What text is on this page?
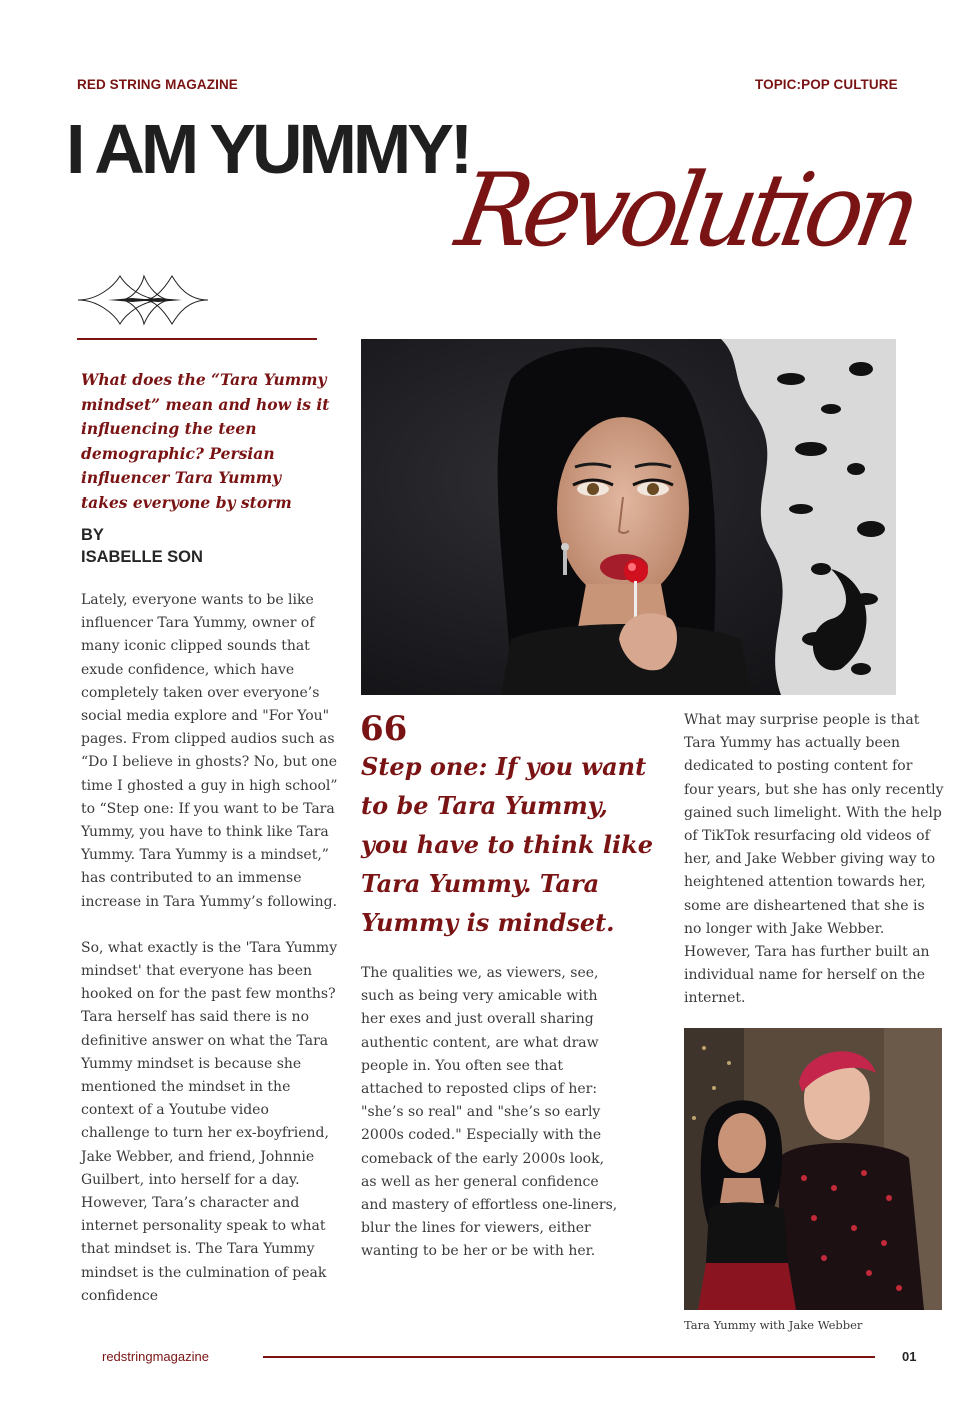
RED STRING MAGAZINE	TOPIC:POP CULTURE
I AM YUMMY!
Revolution
What does the “Tara Yummy mindset” mean and how is it influencing the teen demographic? Persian influencer Tara Yummy takes everyone by storm
BY
ISABELLE SON

Lately, everyone wants to be like influencer Tara Yummy, owner of many iconic clipped sounds that exude confidence, which have completely taken over everyone’s social media explore and "For You" pages. From clipped audios such as “Do I believe in ghosts? No, but one time I ghosted a guy in high school” to “Step one: If you want to be Tara Yummy, you have to think like Tara Yummy. Tara Yummy is a mindset,” has contributed to an immense increase in Tara Yummy’s following.

So, what exactly is the 'Tara Yummy mindset' that everyone has been hooked on for the past few months? Tara herself has said there is no definitive answer on what the Tara Yummy mindset is because she mentioned the mindset in the context of a Youtube video challenge to turn her ex-boyfriend, Jake Webber, and friend, Johnnie Guilbert, into herself for a day. However, Tara’s character and internet personality speak to what that mindset is. The Tara Yummy mindset is the culmination of peak confidence

66
Step one: If you want to be Tara Yummy, you have to think like Tara Yummy. Tara Yummy is mindset.

The qualities we, as viewers, see, such as being very amicable with her exes and just overall sharing authentic content, are what draw people in. You often see that attached to reposted clips of her: "she’s so real" and "she’s so early 2000s coded." Especially with the comeback of the early 2000s look, as well as her general confidence and mastery of effortless one-liners, blur the lines for viewers, either wanting to be her or be with her.

What may surprise people is that Tara Yummy has actually been dedicated to posting content for four years, but she has only recently gained such limelight. With the help of TikTok resurfacing old videos of her, and Jake Webber giving way to heightened attention towards her, some are disheartened that she is no longer with Jake Webber. However, Tara has further built an individual name for herself on the internet.

Tara Yummy with Jake Webber
redstringmagazine	01
